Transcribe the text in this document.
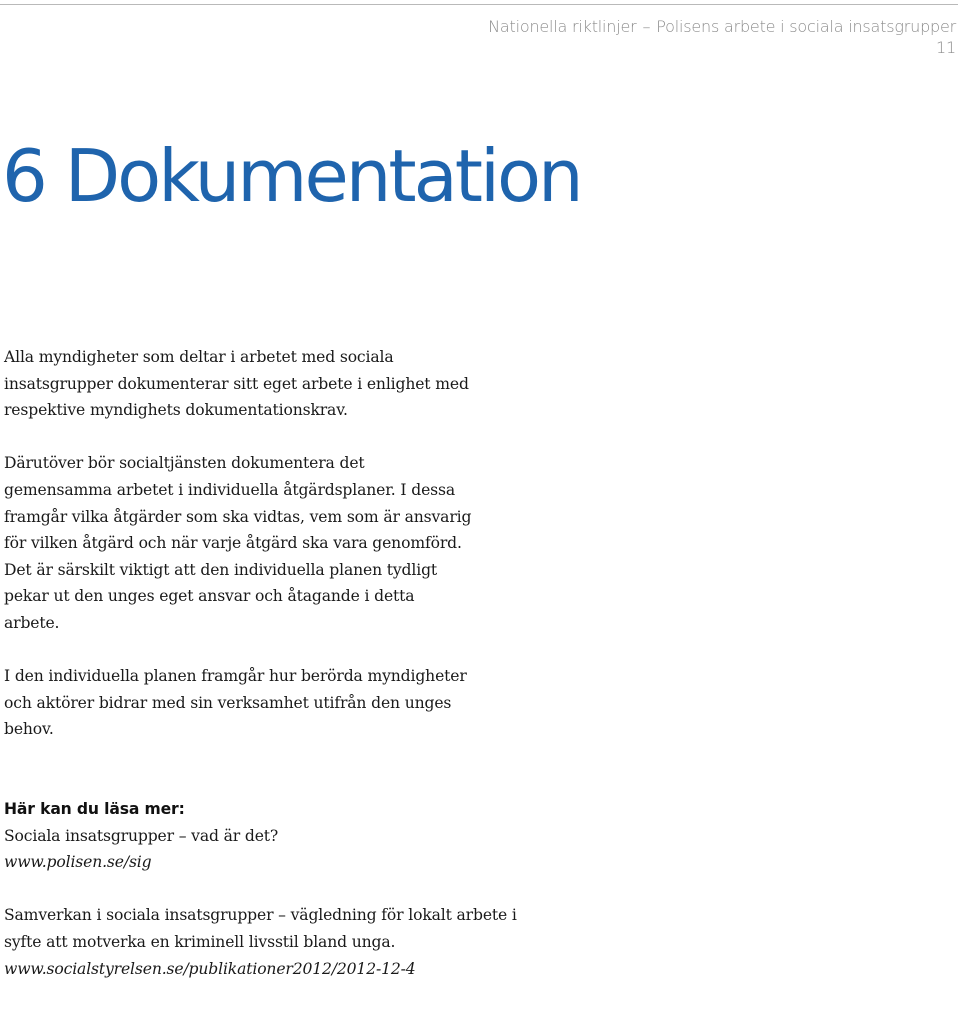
Nationella riktlinjer – Polisens arbete i sociala insatsgrupper
11
6 Dokumentation

Alla myndigheter som deltar i arbetet med sociala insatsgrupper dokumenterar sitt eget arbete i enlighet med respektive myndighets dokumentationskrav.

Därutöver bör socialtjänsten dokumentera det gemensamma arbetet i individuella åtgärdsplaner. I dessa framgår vilka åtgärder som ska vidtas, vem som är ansvarig för vilken åtgärd och när varje åtgärd ska vara genomförd. Det är särskilt viktigt att den individuella planen tydligt pekar ut den unges eget ansvar och åtagande i detta arbete.

I den individuella planen framgår hur berörda myndigheter och aktörer bidrar med sin verksamhet utifrån den unges behov.

Här kan du läsa mer:
Sociala insatsgrupper – vad är det?
www.polisen.se/sig
Samverkan i sociala insatsgrupper – vägledning för lokalt arbete i syfte att motverka en kriminell livsstil bland unga.
www.socialstyrelsen.se/publikationer2012/2012-12-4
